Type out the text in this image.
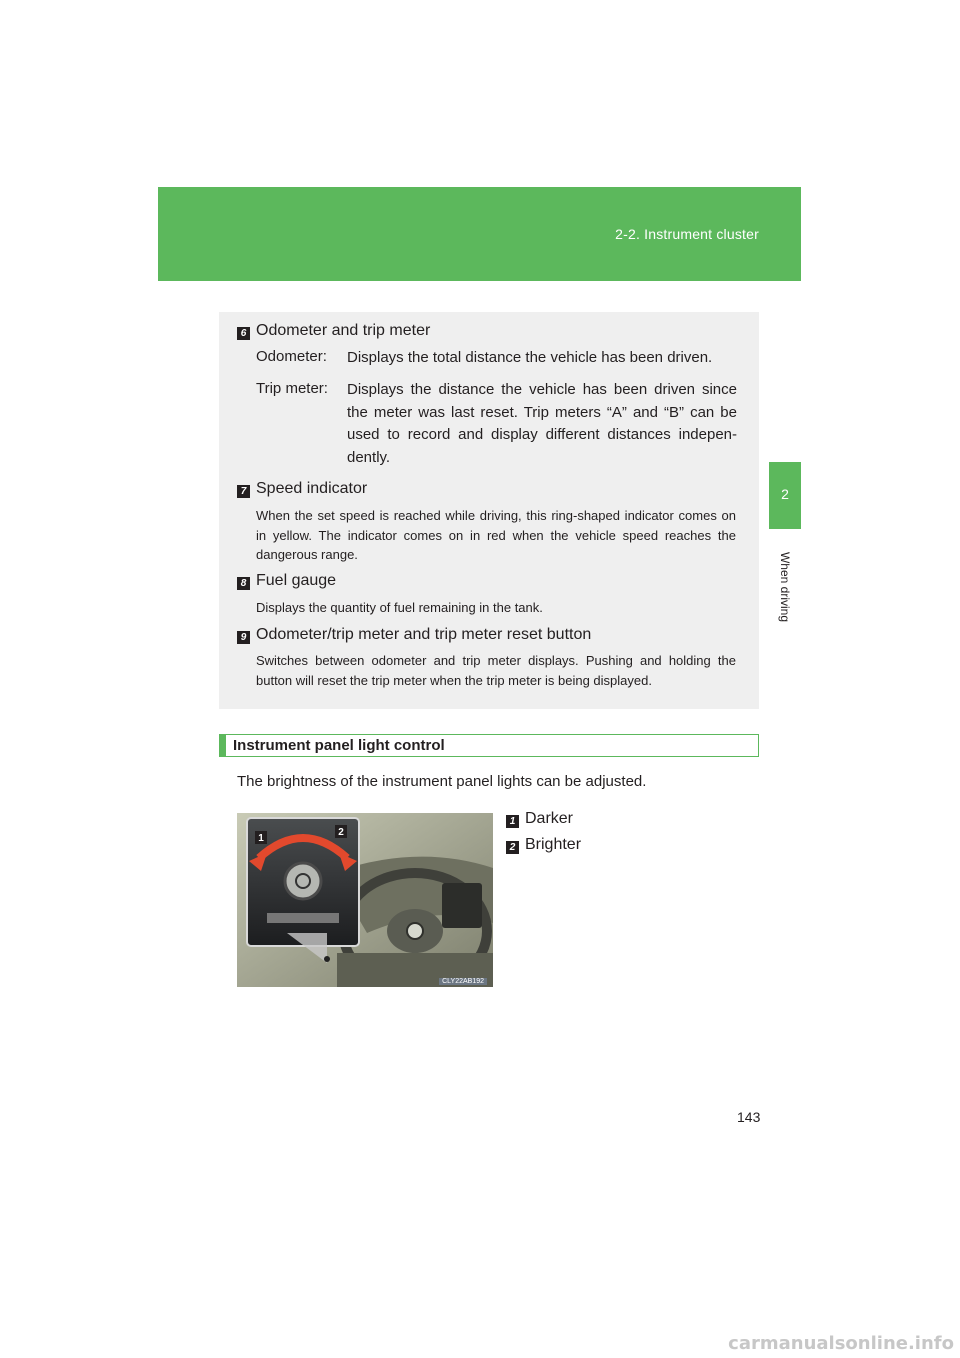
2-2. Instrument cluster
2
When driving
6 Odometer and trip meter
Odometer: Displays the total distance the vehicle has been driven.
Trip meter: Displays the distance the vehicle has been driven since the meter was last reset. Trip meters “A” and “B” can be used to record and display different distances indepen-dently.
7 Speed indicator
When the set speed is reached while driving, this ring-shaped indicator comes on in yellow. The indicator comes on in red when the vehicle speed reaches the dangerous range.
8 Fuel gauge
Displays the quantity of fuel remaining in the tank.
9 Odometer/trip meter and trip meter reset button
Switches between odometer and trip meter displays. Pushing and holding the button will reset the trip meter when the trip meter is being displayed.
Instrument panel light control
The brightness of the instrument panel lights can be adjusted.
1
2
CLY22AB192
1 Darker
2 Brighter
143
carmanualsonline.info
